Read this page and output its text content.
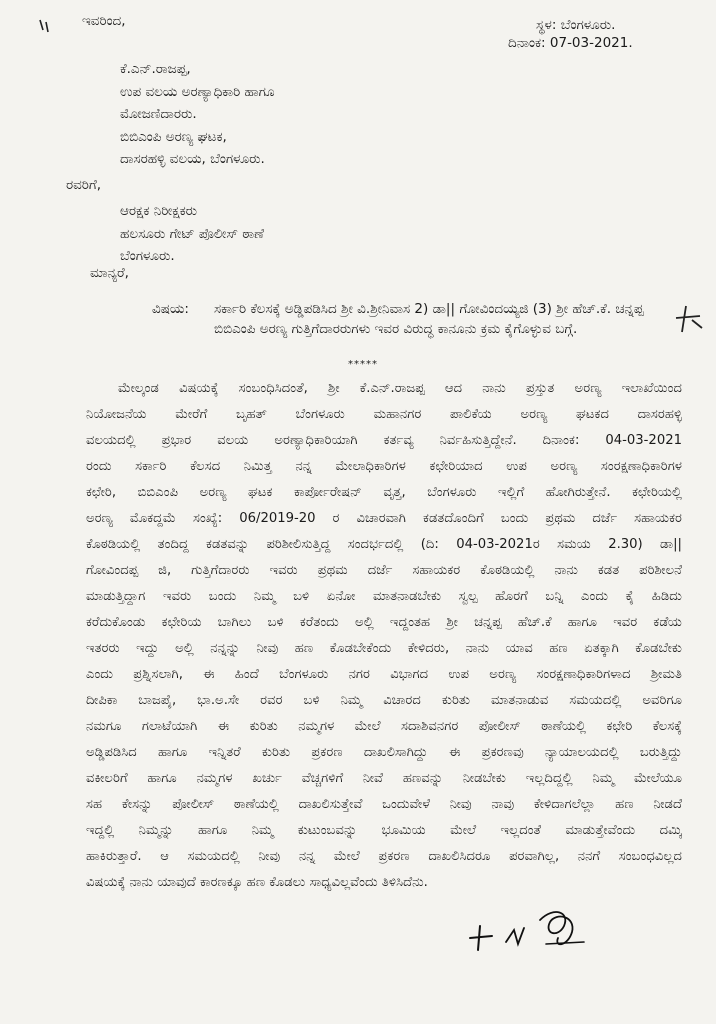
ಇವರಿಂದ,	ಸ್ಥಳ: ಬೆಂಗಳೂರು.
ದಿನಾಂಕ: 07-03-2021.
ಕೆ.ಎನ್.ರಾಜಪ್ಪ,
ಉಪ ವಲಯ ಅರಣ್ಯಾಧಿಕಾರಿ ಹಾಗೂ
ಮೋಜಣಿದಾರರು.
ಬಿಬಿಎಂಪಿ ಅರಣ್ಯ ಘಟಕ,
ದಾಸರಹಳ್ಳಿ ವಲಯ, ಬೆಂಗಳೂರು.
ರವರಿಗೆ,
ಆರಕ್ಷಕ ನಿರೀಕ್ಷಕರು
ಹಲಸೂರು ಗೇಟ್ ಪೊಲೀಸ್ ಠಾಣೆ
ಬೆಂಗಳೂರು.
ಮಾನ್ಯರೆ,
ವಿಷಯ: ಸರ್ಕಾರಿ ಕೆಲಸಕ್ಕೆ ಅಡ್ಡಿಪಡಿಸಿದ ಶ್ರೀ ವಿ.ಶ್ರೀನಿವಾಸ 2) ಡಾ|| ಗೋವಿಂದಯ್ಯಜಿ (3) ಶ್ರೀ ಹೆಚ್.ಕೆ. ಚನ್ನಪ್ಪ ಬಿಬಿಎಂಪಿ ಅರಣ್ಯ ಗುತ್ತಿಗೆದಾರರುಗಳು ಇವರ ವಿರುದ್ಧ ಕಾನೂನು ಕ್ರಮ ಕೈಗೊಳ್ಳುವ ಬಗ್ಗೆ.
*****
ಮೇಲ್ಕಂಡ ವಿಷಯಕ್ಕೆ ಸಂಬಂಧಿಸಿದಂತೆ, ಶ್ರೀ ಕೆ.ಎನ್.ರಾಜಪ್ಪ ಆದ ನಾನು ಪ್ರಸ್ತುತ ಅರಣ್ಯ ಇಲಾಖೆಯಿಂದ
ನಿಯೋಜನೆಯ ಮೇರೆಗೆ ಬೃಹತ್ ಬೆಂಗಳೂರು ಮಹಾನಗರ ಪಾಲಿಕೆಯ ಅರಣ್ಯ ಘಟಕದ ದಾಸರಹಳ್ಳಿ
ವಲಯದಲ್ಲಿ ಪ್ರಭಾರ ವಲಯ ಅರಣ್ಯಾಧಿಕಾರಿಯಾಗಿ ಕರ್ತವ್ಯ ನಿರ್ವಹಿಸುತ್ತಿದ್ದೇನೆ. ದಿನಾಂಕ: 04-03-2021
ರಂದು ಸರ್ಕಾರಿ ಕೆಲಸದ ನಿಮಿತ್ತ ನನ್ನ ಮೇಲಾಧಿಕಾರಿಗಳ ಕಛೇರಿಯಾದ ಉಪ ಅರಣ್ಯ ಸಂರಕ್ಷಣಾಧಿಕಾರಿಗಳ
ಕಛೇರಿ, ಬಿಬಿಎಂಪಿ ಅರಣ್ಯ ಘಟಕ ಕಾರ್ಪೋರೇಷನ್ ವೃತ್ತ, ಬೆಂಗಳೂರು ಇಲ್ಲಿಗೆ ಹೋಗಿರುತ್ತೇನೆ. ಕಛೇರಿಯಲ್ಲಿ
ಅರಣ್ಯ ಮೊಕದ್ದಮೆ ಸಂಖ್ಯೆ: 06/2019-20 ರ ವಿಚಾರವಾಗಿ ಕಡತದೊಂದಿಗೆ ಬಂದು ಪ್ರಥಮ ದರ್ಜೆ ಸಹಾಯಕರ
ಕೊಠಡಿಯಲ್ಲಿ ತಂದಿದ್ದ ಕಡತವನ್ನು ಪರಿಶೀಲಿಸುತ್ತಿದ್ದ ಸಂದರ್ಭದಲ್ಲಿ (ದಿ: 04-03-2021ರ ಸಮಯ 2.30) ಡಾ||
ಗೋವಿಂದಪ್ಪ ಜಿ, ಗುತ್ತಿಗೆದಾರರು ಇವರು ಪ್ರಥಮ ದರ್ಜೆ ಸಹಾಯಕರ ಕೊಠಡಿಯಲ್ಲಿ ನಾನು ಕಡತ ಪರಿಶೀಲನೆ
ಮಾಡುತ್ತಿದ್ದಾಗ ಇವರು ಬಂದು ನಿಮ್ಮ ಬಳಿ ಏನೋ ಮಾತನಾಡಬೇಕು ಸ್ವಲ್ಪ ಹೊರಗೆ ಬನ್ನಿ ಎಂದು ಕೈ ಹಿಡಿದು
ಕರೆದುಕೊಂಡು ಕಛೇರಿಯ ಬಾಗಿಲು ಬಳಿ ಕರೆತಂದು ಅಲ್ಲಿ ಇದ್ದಂತಹ ಶ್ರೀ ಚನ್ನಪ್ಪ ಹೆಚ್.ಕೆ ಹಾಗೂ ಇವರ ಕಡೆಯ
ಇತರರು ಇದ್ದು ಅಲ್ಲಿ ನನ್ನನ್ನು ನೀವು ಹಣ ಕೊಡಬೇಕೆಂದು ಕೇಳಿದರು, ನಾನು ಯಾವ ಹಣ ಏತಕ್ಕಾಗಿ ಕೊಡಬೇಕು
ಎಂದು ಪ್ರಶ್ನಿಸಲಾಗಿ, ಈ ಹಿಂದೆ ಬೆಂಗಳೂರು ನಗರ ವಿಭಾಗದ ಉಪ ಅರಣ್ಯ ಸಂರಕ್ಷಣಾಧಿಕಾರಿಗಳಾದ ಶ್ರೀಮತಿ
ದೀಪಿಕಾ ಬಾಜಪೈ, ಭಾ.ಅ.ಸೇ ರವರ ಬಳಿ ನಿಮ್ಮ ವಿಚಾರದ ಕುರಿತು ಮಾತನಾಡುವ ಸಮಯದಲ್ಲಿ ಅವರಿಗೂ
ನಮಗೂ ಗಲಾಟೆಯಾಗಿ ಈ ಕುರಿತು ನಮ್ಮಗಳ ಮೇಲೆ ಸದಾಶಿವನಗರ ಪೋಲೀಸ್ ಠಾಣೆಯಲ್ಲಿ ಕಛೇರಿ ಕೆಲಸಕ್ಕೆ
ಅಡ್ಡಿಪಡಿಸಿದ ಹಾಗೂ ಇನ್ನಿತರೆ ಕುರಿತು ಪ್ರಕರಣ ದಾಖಲಿಸಾಗಿದ್ದು ಈ ಪ್ರಕರಣವು ನ್ಯಾಯಾಲಯದಲ್ಲಿ ಬರುತ್ತಿದ್ದು
ವಕೀಲರಿಗೆ ಹಾಗೂ ನಮ್ಮಗಳ ಖರ್ಚು ವೆಚ್ಚಗಳಿಗೆ ನೀವೆ ಹಣವನ್ನು ನೀಡಬೇಕು ಇಲ್ಲದಿದ್ದಲ್ಲಿ ನಿಮ್ಮ ಮೇಲೆಯೂ
ಸಹ ಕೇಸನ್ನು ಪೋಲೀಸ್ ಠಾಣೆಯಲ್ಲಿ ದಾಖಲಿಸುತ್ತೇವೆ ಒಂದುವೇಳೆ ನೀವು ನಾವು ಕೇಳಿದಾಗಲೆಲ್ಲಾ ಹಣ ನೀಡದೆ
ಇದ್ದಲ್ಲಿ ನಿಮ್ಮನ್ನು ಹಾಗೂ ನಿಮ್ಮ ಕುಟುಂಬವನ್ನು ಭೂಮಿಯ ಮೇಲೆ ಇಲ್ಲದಂತೆ ಮಾಡುತ್ತೇವೆಂದು ದಮ್ಕಿ
ಹಾಕಿರುತ್ತಾರೆ. ಆ ಸಮಯದಲ್ಲಿ ನೀವು ನನ್ನ ಮೇಲೆ ಪ್ರಕರಣ ದಾಖಲಿಸಿದರೂ ಪರವಾಗಿಲ್ಲ, ನನಗೆ ಸಂಬಂಧವಿಲ್ಲದ
ವಿಷಯಕ್ಕೆ ನಾನು ಯಾವುದೆ ಕಾರಣಕ್ಕೂ ಹಣ ಕೊಡಲು ಸಾಧ್ಯವಿಲ್ಲವೆಂದು ತಿಳಿಸಿದೆನು.
